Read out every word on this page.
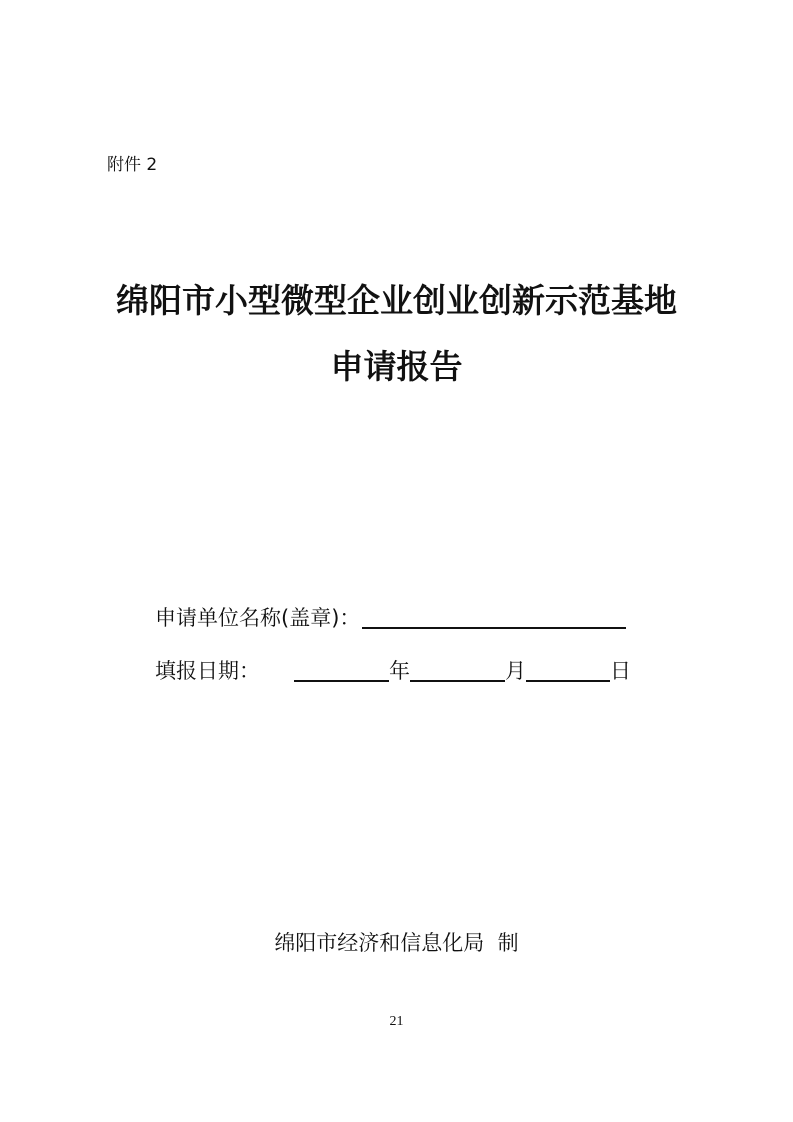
附件 2
绵阳市小型微型企业创业创新示范基地
申请报告
申请单位名称(盖章)：
填报日期：	年	月	日
绵阳市经济和信息化局  制
21
